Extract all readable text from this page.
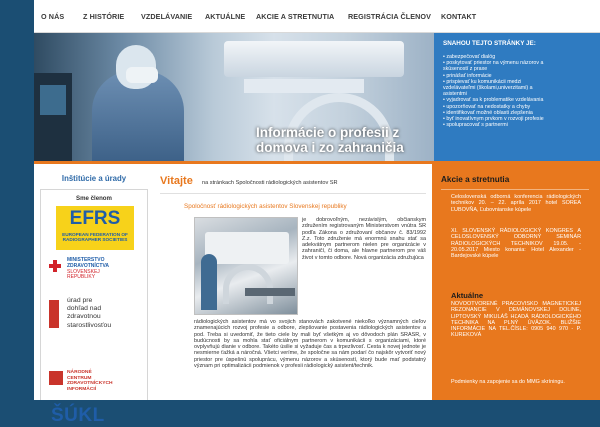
O NÁS	Z HISTÓRIE VZDELÁVANIE AKTUÁLNE AKCIE A STRETNUTIA REGISTRÁCIA ČLENOV KONTAKT
Informácie o profesii z
domova i zo zahraničia
SNAHOU TEJTO STRÁNKY JE:
• zabezpečovať dialóg
• poskytovať priestor na výmenu názorov a
skúseností z praxe
• prinášať informácie
• prispievať ku komunikácii medzi
vzdelávateľmi (školami,univerzitami) a
asistentmi
• vyjadrovať sa k problematike vzdelávania
• upozorňovať na nedostatky a chyby
• identifikovať možné oblasti zlepšenia
• byť inovatívnym prvkom v rozvoji profesie
• spolupracovať s partnermi
Inštitúcie a úrady
Sme členom
EFRS
EUROPEAN FEDERATION OF
RADIOGRAPHER SOCIETIES
MINISTERSTVO
ZDRAVOTNÍCTVA
SLOVENSKEJ
REPUBLIKY
úrad pre
dohľad nad
zdravotnou
starostlivosťou
NÁRODNÉ
CENTRUM
ZDRAVOTNÍCKYCH
INFORMÁCIÍ
ŠÚKL
Vitajte na stránkach Spoločnosti rádiologických asistentov SR
Spoločnosť rádiologických asistentov Slovenskej republiky
je dobrovoľným, nezávislým, občianskym združením registrovaným Ministerstvom vnútra SR podľa Zákona o združovaní občanov č. 83/1992 Z.z. Toto združenie má enormnú snahu stať sa adekvátnym partnerom nielen pre organizácie v zahraničí, či doma, ale hlavne partnerom pre váš život v tomto odbore. Nová organizácia združujúca
rádiologických asistentov má vo svojich stanovách zakotvené niekoľko významných cieľov znamenajúcich rozvoj profesie a odbore, zlepšovanie postavenia rádiologických asistentov a pod. Treba si uvedomiť, že tieto ciele by mali byť všetkým aj vo dôvodoch plán SRASR, v budúcnosti by sa mohla stať oficiálnym partnerom v komunikácii s organizáciami, ktoré ovplyvňujú dianie v odbore. Takéto úsilie si vyžaduje čas a trpezlivosť. Cesta k novej jednote je nesmierne ťažká a náročná. Všetci veríme, že spoločne sa nám podarí čo najskôr vytvoriť nový priestor pre úspešnú spoluprácu, výmenu názorov a skúseností, ktorý bude mať podstatný význam pri optimalizácii podmienok v profesii rádiologický asistent/technik.
Akcie a stretnutia
Celoslovenská odborná konferencia rádiologických technikov 20. – 22. apríla 2017 hotel SOREA ĽUBOVŇA, Ľubovnianske kúpele
XI. SLOVENSKÝ RÁDIOLOGICKÝ KONGRES A CELOSLOVENSKÝ ODBORNÝ SEMINÁR RÁDIOLOGICKÝCH TECHNIKOV 19.05. - 20.05.2017 Miesto konania: Hotel Alexander - Bardejovské kúpele
Aktuálne
NOVOOTVORENÉ PRACOVISKO MAGNETICKEJ REZONANCIE V DEMÄNOVSKEJ DOLINE, LIPTOVSKÝ MIKULÁŠ HĽADÁ RÁDIOLOGICKÉHO TECHNIKA NA PLNÝ ÚVÄZOK. BLIŽŠIE INFORMÁCIE NA TEL.ČÍSLE: 0905 940 970 - P. KUREKOVÁ
Podmienky na zapojenie sa do MMG skríningu.
